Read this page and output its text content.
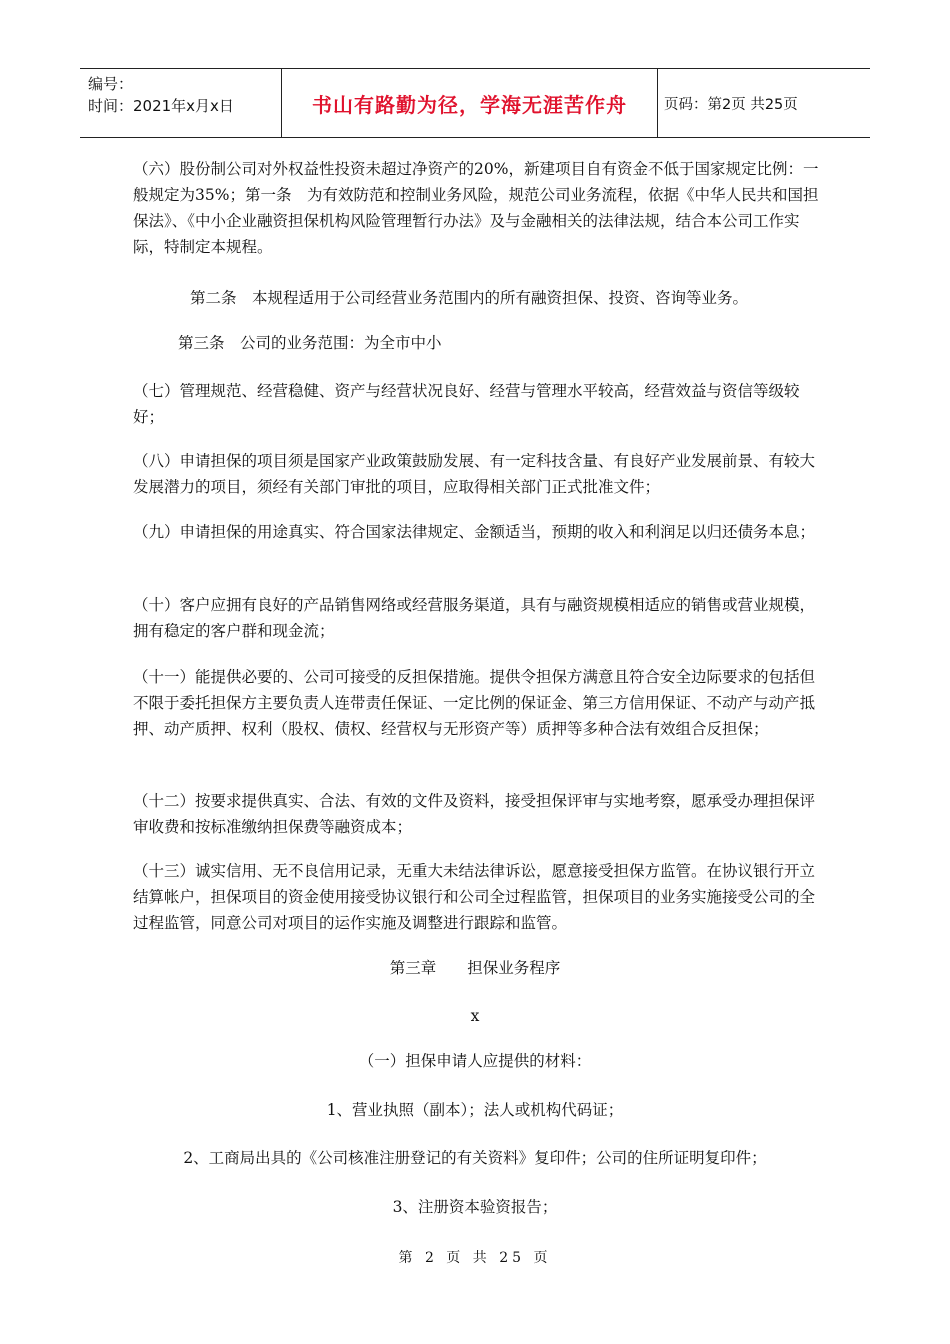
编号：
时间：2021年x月x日	书山有路勤为径，学海无涯苦作舟	页码：第2页 共25页

（六）股份制公司对外权益性投资未超过净资产的20%，新建项目自有资金不低于国家规定比例：一般规定为35%；第一条　为有效防范和控制业务风险，规范公司业务流程，依据《中华人民共和国担保法》、《中小企业融资担保机构风险管理暂行办法》及与金融相关的法律法规，结合本公司工作实际，特制定本规程。

第二条　本规程适用于公司经营业务范围内的所有融资担保、投资、咨询等业务。
第三条　公司的业务范围：为全市中小
（七）管理规范、经营稳健、资产与经营状况良好、经营与管理水平较高，经营效益与资信等级较好；
（八）申请担保的项目须是国家产业政策鼓励发展、有一定科技含量、有良好产业发展前景、有较大发展潜力的项目，须经有关部门审批的项目，应取得相关部门正式批准文件；
（九）申请担保的用途真实、符合国家法律规定、金额适当，预期的收入和利润足以归还债务本息；
（十）客户应拥有良好的产品销售网络或经营服务渠道，具有与融资规模相适应的销售或营业规模，拥有稳定的客户群和现金流；
（十一）能提供必要的、公司可接受的反担保措施。提供令担保方满意且符合安全边际要求的包括但不限于委托担保方主要负责人连带责任保证、一定比例的保证金、第三方信用保证、不动产与动产抵押、动产质押、权利（股权、债权、经营权与无形资产等）质押等多种合法有效组合反担保；
（十二）按要求提供真实、合法、有效的文件及资料，接受担保评审与实地考察，愿承受办理担保评审收费和按标准缴纳担保费等融资成本；
（十三）诚实信用、无不良信用记录，无重大未结法律诉讼，愿意接受担保方监管。在协议银行开立结算帐户，担保项目的资金使用接受协议银行和公司全过程监管，担保项目的业务实施接受公司的全过程监管，同意公司对项目的运作实施及调整进行跟踪和监管。
第三章　　担保业务程序
x
（一）担保申请人应提供的材料：
1、营业执照（副本）；法人或机构代码证；
2、工商局出具的《公司核准注册登记的有关资料》复印件；公司的住所证明复印件；
3、注册资本验资报告；
第 2 页 共 25 页
